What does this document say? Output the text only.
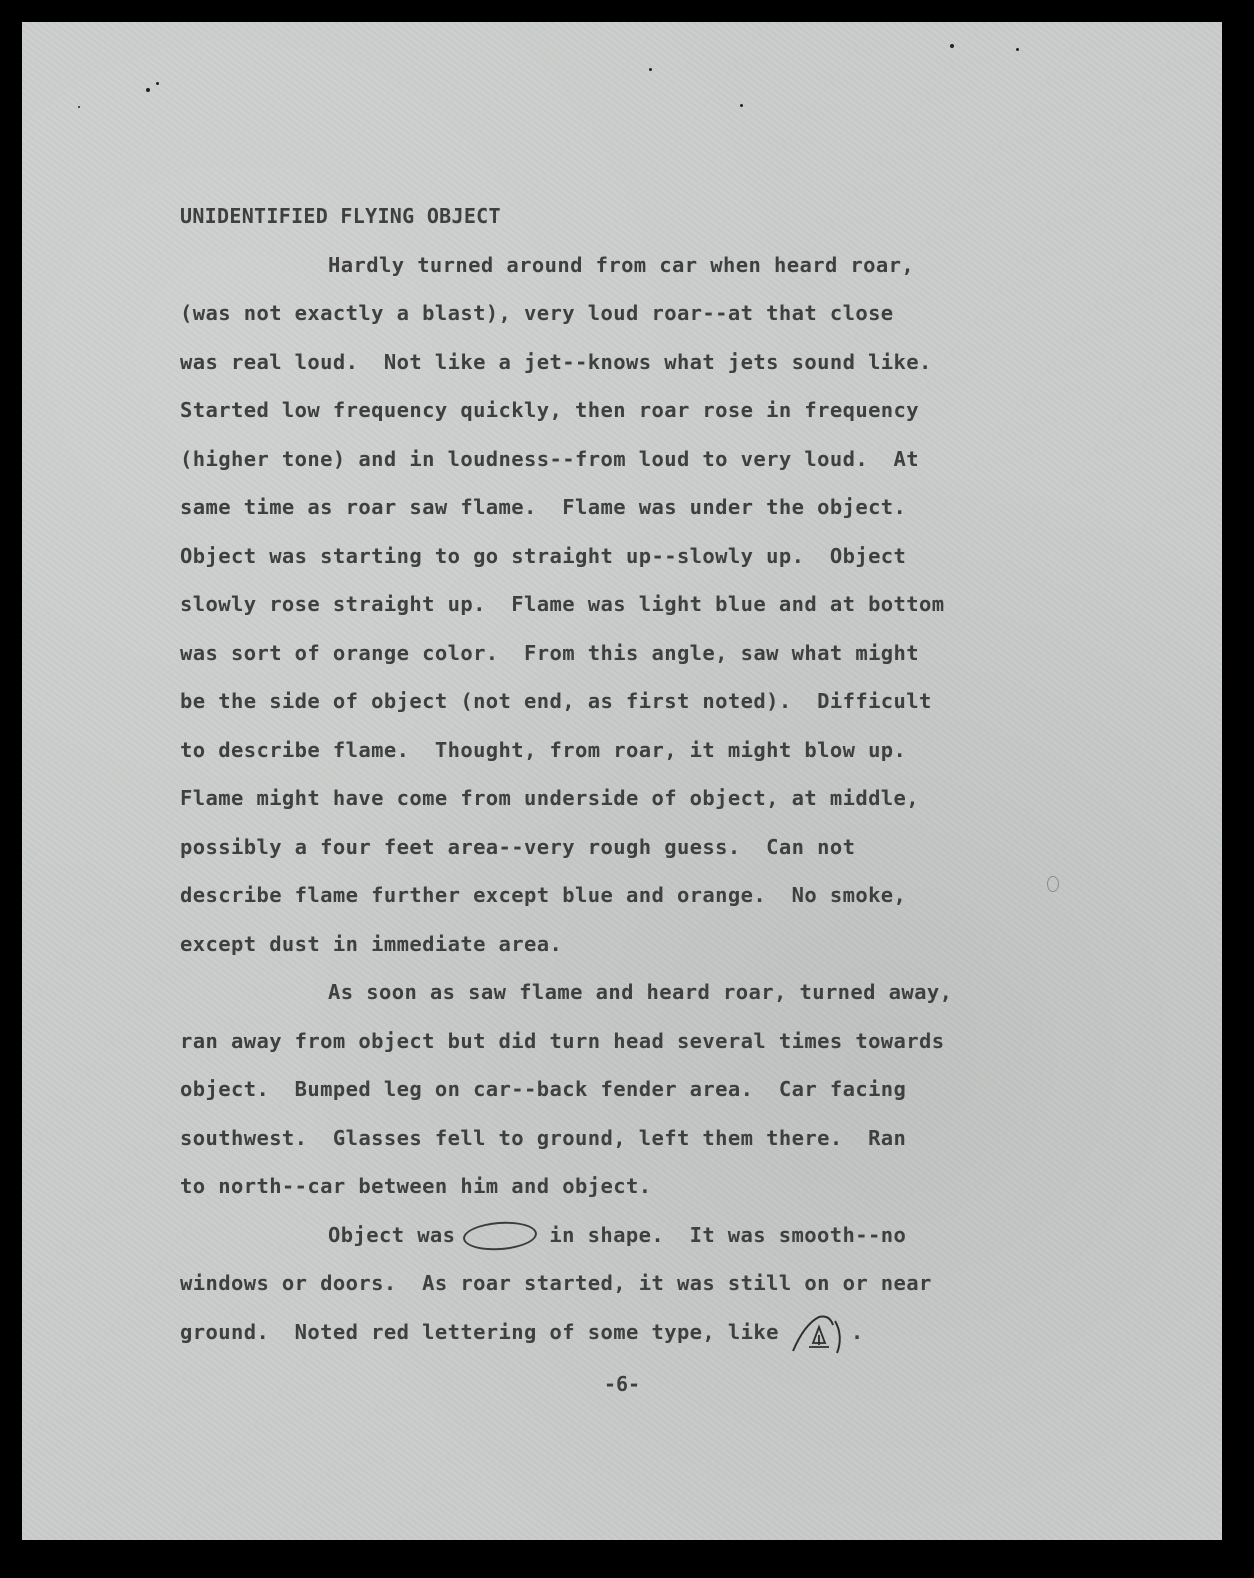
UNIDENTIFIED FLYING OBJECT
Hardly turned around from car when heard roar,
(was not exactly a blast), very loud roar--at that close
was real loud.  Not like a jet--knows what jets sound like.
Started low frequency quickly, then roar rose in frequency
(higher tone) and in loudness--from loud to very loud.  At
same time as roar saw flame.  Flame was under the object.
Object was starting to go straight up--slowly up.  Object
slowly rose straight up.  Flame was light blue and at bottom
was sort of orange color.  From this angle, saw what might
be the side of object (not end, as first noted).  Difficult
to describe flame.  Thought, from roar, it might blow up.
Flame might have come from underside of object, at middle,
possibly a four feet area--very rough guess.  Can not
describe flame further except blue and orange.  No smoke,
except dust in immediate area.
As soon as saw flame and heard roar, turned away,
ran away from object but did turn head several times towards
object.  Bumped leg on car--back fender area.  Car facing
southwest.  Glasses fell to ground, left them there.  Ran
to north--car between him and object.
Object was	in shape.  It was smooth--no
windows or doors.  As roar started, it was still on or near
ground.  Noted red lettering of some type, like	.
-6-
